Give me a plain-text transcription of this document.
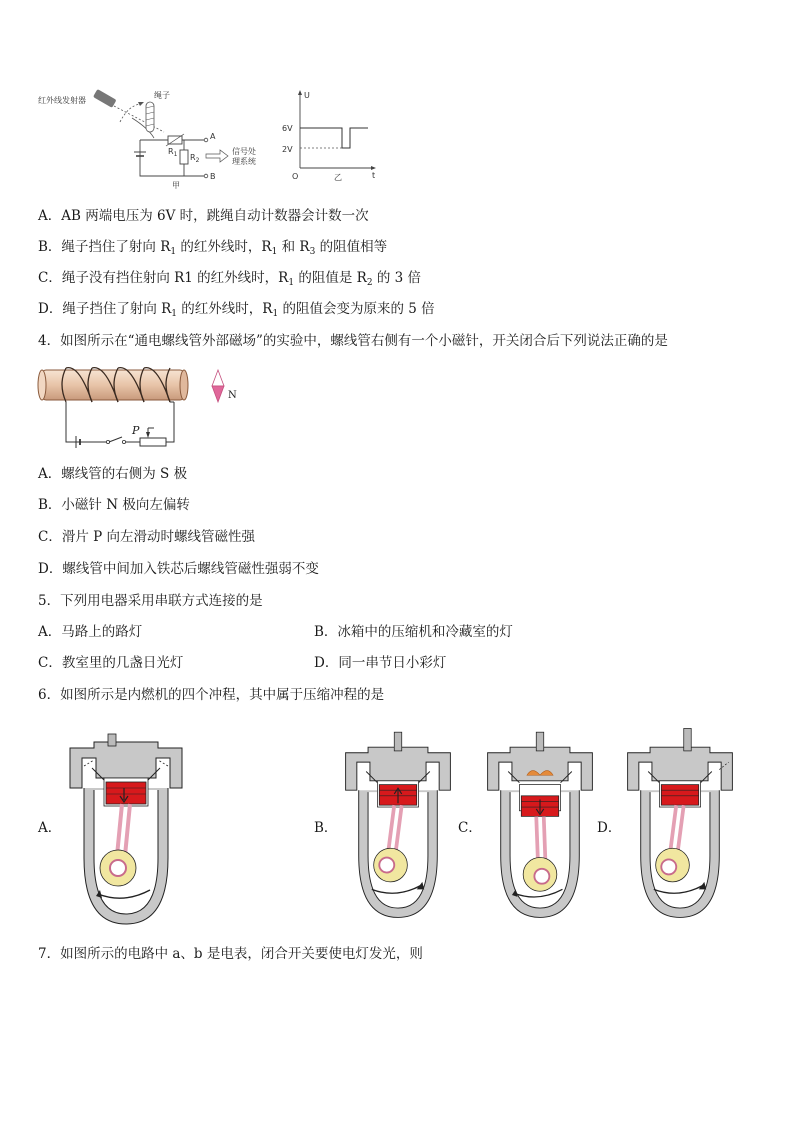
红外线发射器
绳子
$R_1$ $R_2$
A
B
信号处
理系统
甲
U
t
O
6V
2V
乙
A．AB 两端电压为 6V 时，跳绳自动计数器会计数一次
B．绳子挡住了射向 $R_1$ 的红外线时，$R_1$ 和 $R_3$ 的阻值相等
C．绳子没有挡住射向 R1 的红外线时，$R_1$ 的阻值是 $R_2$ 的 3 倍
D．绳子挡住了射向 $R_1$ 的红外线时，$R_1$ 的阻值会变为原来的 5 倍
4．如图所示在“通电螺线管外部磁场”的实验中，螺线管右侧有一个小磁针，开关闭合后下列说法正确的是
P
N
A．螺线管的右侧为 S 极
B．小磁针 N 极向左偏转
C．滑片 P 向左滑动时螺线管磁性强
D．螺线管中间加入铁芯后螺线管磁性强弱不变
5．下列用电器采用串联方式连接的是
A．马路上的路灯	B．冰箱中的压缩机和冷藏室的灯
C．教室里的几盏日光灯	D．同一串节日小彩灯
6．如图所示是内燃机的四个冲程，其中属于压缩冲程的是
A．	B．	C．	D．
7．如图所示的电路中 a、b 是电表，闭合开关要使电灯发光，则
